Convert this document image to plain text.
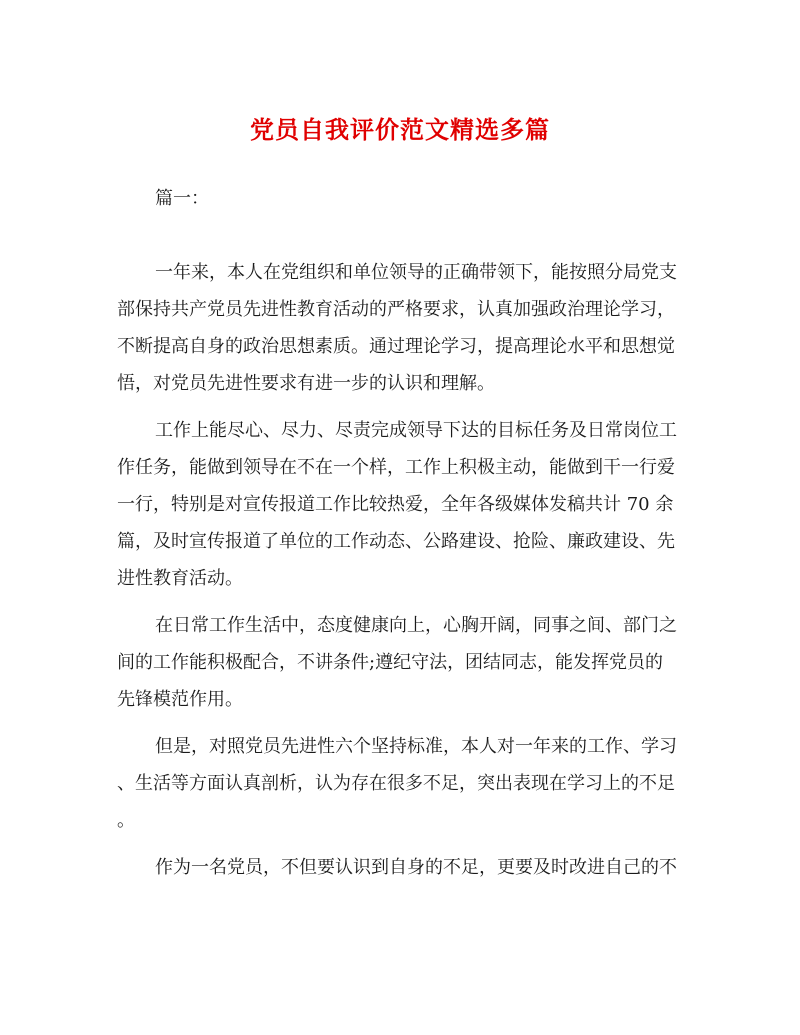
党员自我评价范文精选多篇

篇一：

一年来，本人在党组织和单位领导的正确带领下，能按照分局党支
部保持共产党员先进性教育活动的严格要求，认真加强政治理论学习，
不断提高自身的政治思想素质。通过理论学习，提高理论水平和思想觉
悟，对党员先进性要求有进一步的认识和理解。
工作上能尽心、尽力、尽责完成领导下达的目标任务及日常岗位工
作任务，能做到领导在不在一个样，工作上积极主动，能做到干一行爱
一行，特别是对宣传报道工作比较热爱，全年各级媒体发稿共计 70 余
篇，及时宣传报道了单位的工作动态、公路建设、抢险、廉政建设、先
进性教育活动。
在日常工作生活中，态度健康向上，心胸开阔，同事之间、部门之
间的工作能积极配合，不讲条件;遵纪守法，团结同志，能发挥党员的
先锋模范作用。
但是，对照党员先进性六个坚持标准，本人对一年来的工作、学习
、生活等方面认真剖析，认为存在很多不足，突出表现在学习上的不足
。
作为一名党员，不但要认识到自身的不足，更要及时改进自己的不
